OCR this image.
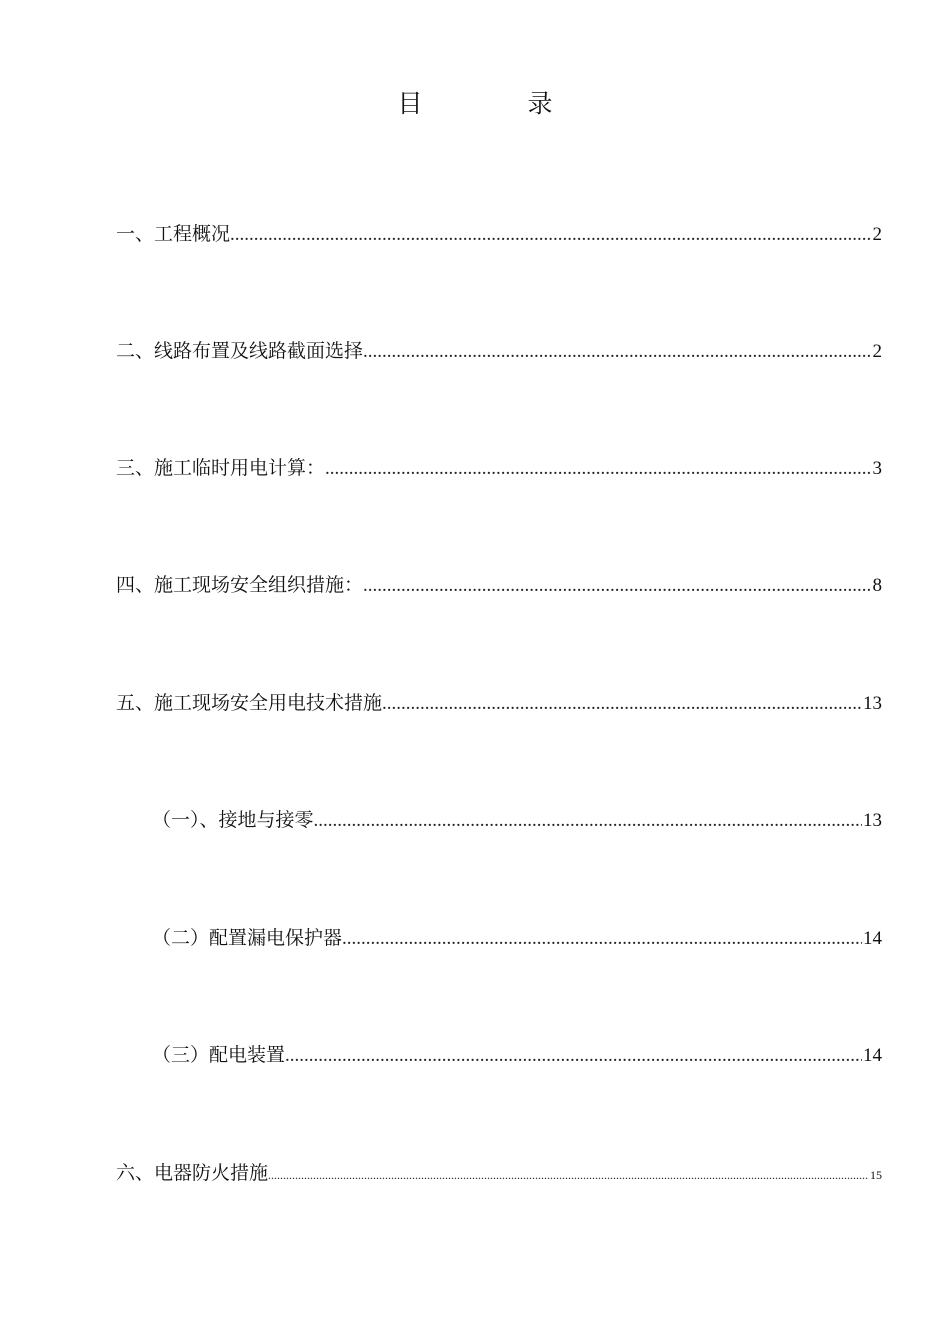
目　录
一、工程概况 .....	2
二、线路布置及线路截面选择 .....	2
三、施工临时用电计算： .....	3
四、施工现场安全组织措施： .....	8
五、施工现场安全用电技术措施 .....	13
（一）、接地与接零 .....	13
（二）配置漏电保护器 .....	14
（三）配电装置 .....	14
六、电器防火措施 .....	15
